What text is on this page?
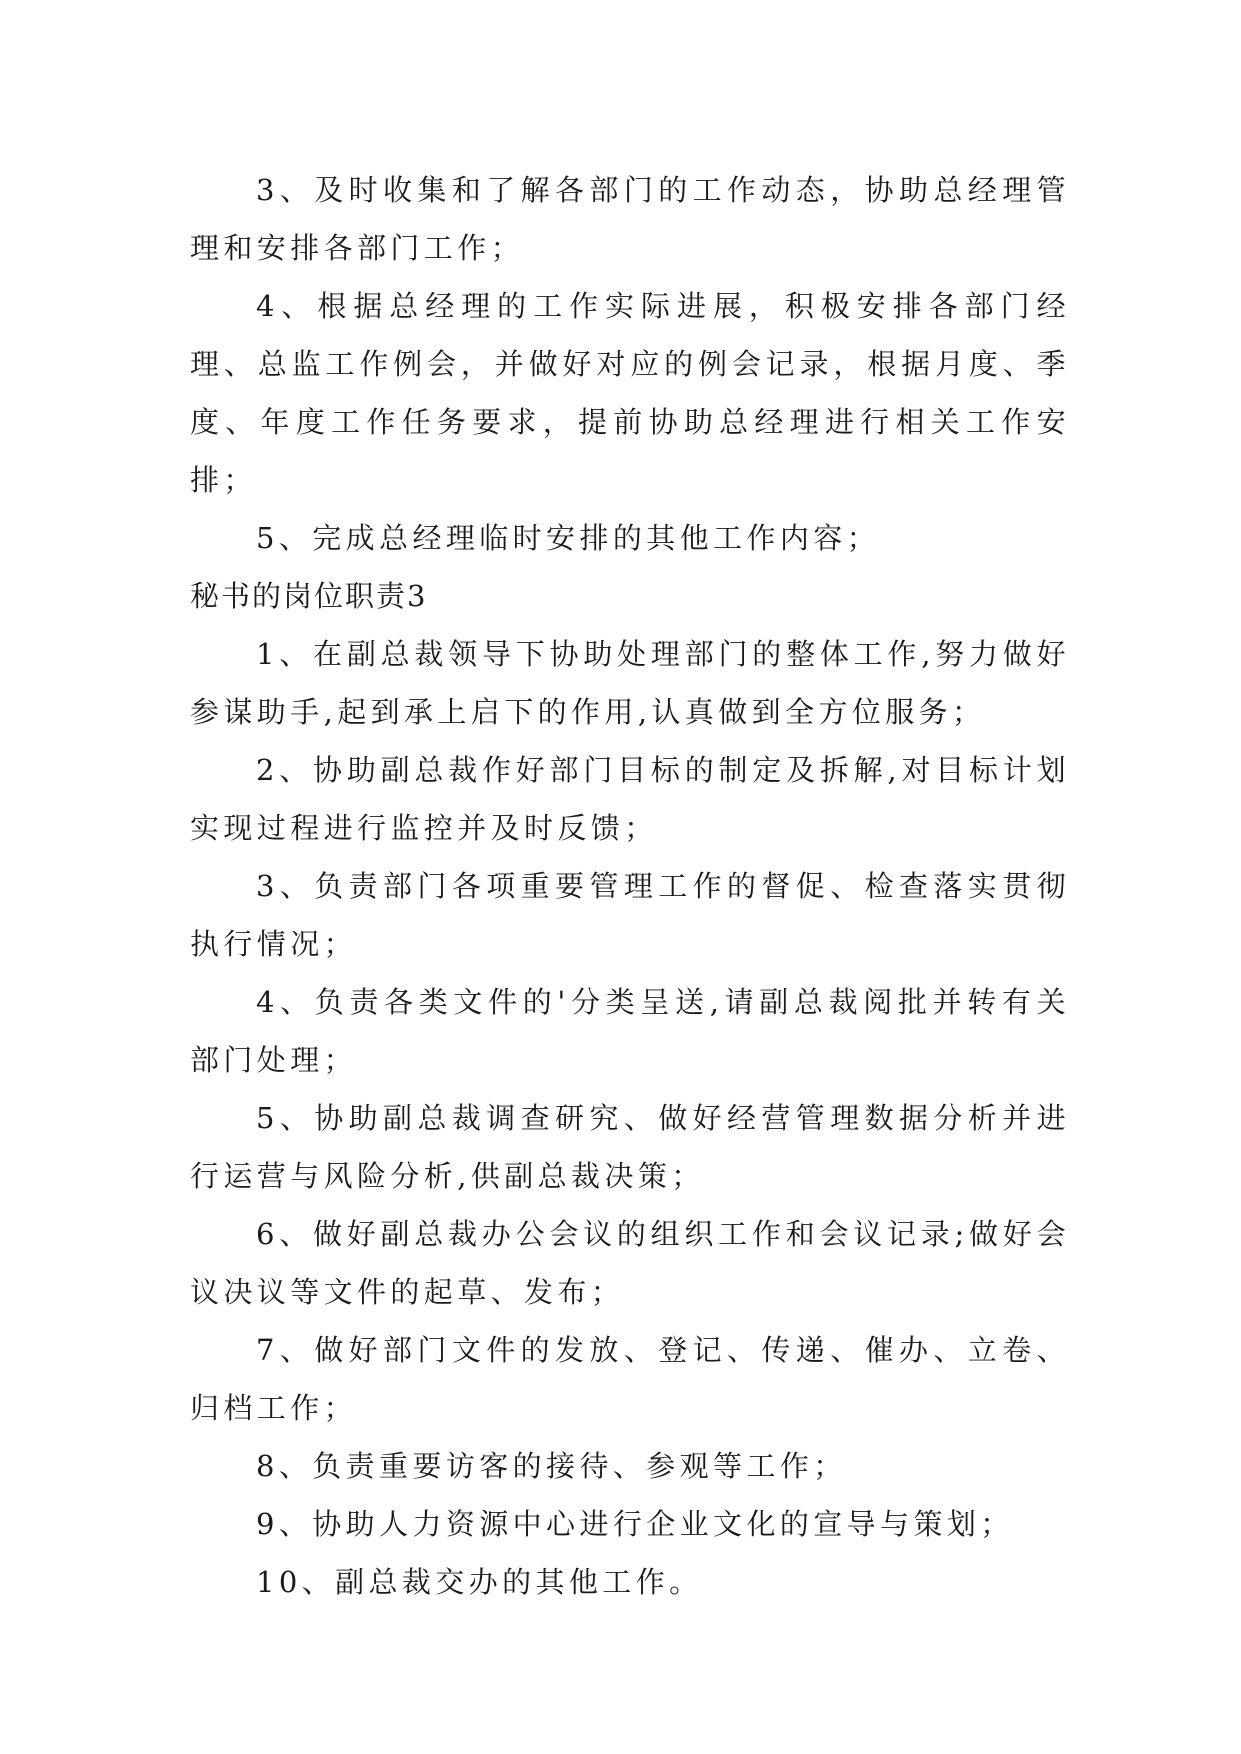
3、及时收集和了解各部门的工作动态，协助总经理管理和安排各部门工作；

4、根据总经理的工作实际进展，积极安排各部门经理、总监工作例会，并做好对应的例会记录，根据月度、季度、年度工作任务要求，提前协助总经理进行相关工作安排；

5、完成总经理临时安排的其他工作内容；

秘书的岗位职责3

1、在副总裁领导下协助处理部门的整体工作,努力做好参谋助手,起到承上启下的作用,认真做到全方位服务；

2、协助副总裁作好部门目标的制定及拆解,对目标计划实现过程进行监控并及时反馈；

3、负责部门各项重要管理工作的督促、检查落实贯彻执行情况；

4、负责各类文件的'分类呈送,请副总裁阅批并转有关部门处理；

5、协助副总裁调查研究、做好经营管理数据分析并进行运营与风险分析,供副总裁决策；

6、做好副总裁办公会议的组织工作和会议记录;做好会议决议等文件的起草、发布；

7、做好部门文件的发放、登记、传递、催办、立卷、归档工作；

8、负责重要访客的接待、参观等工作；

9、协助人力资源中心进行企业文化的宣导与策划；

10、副总裁交办的其他工作。
